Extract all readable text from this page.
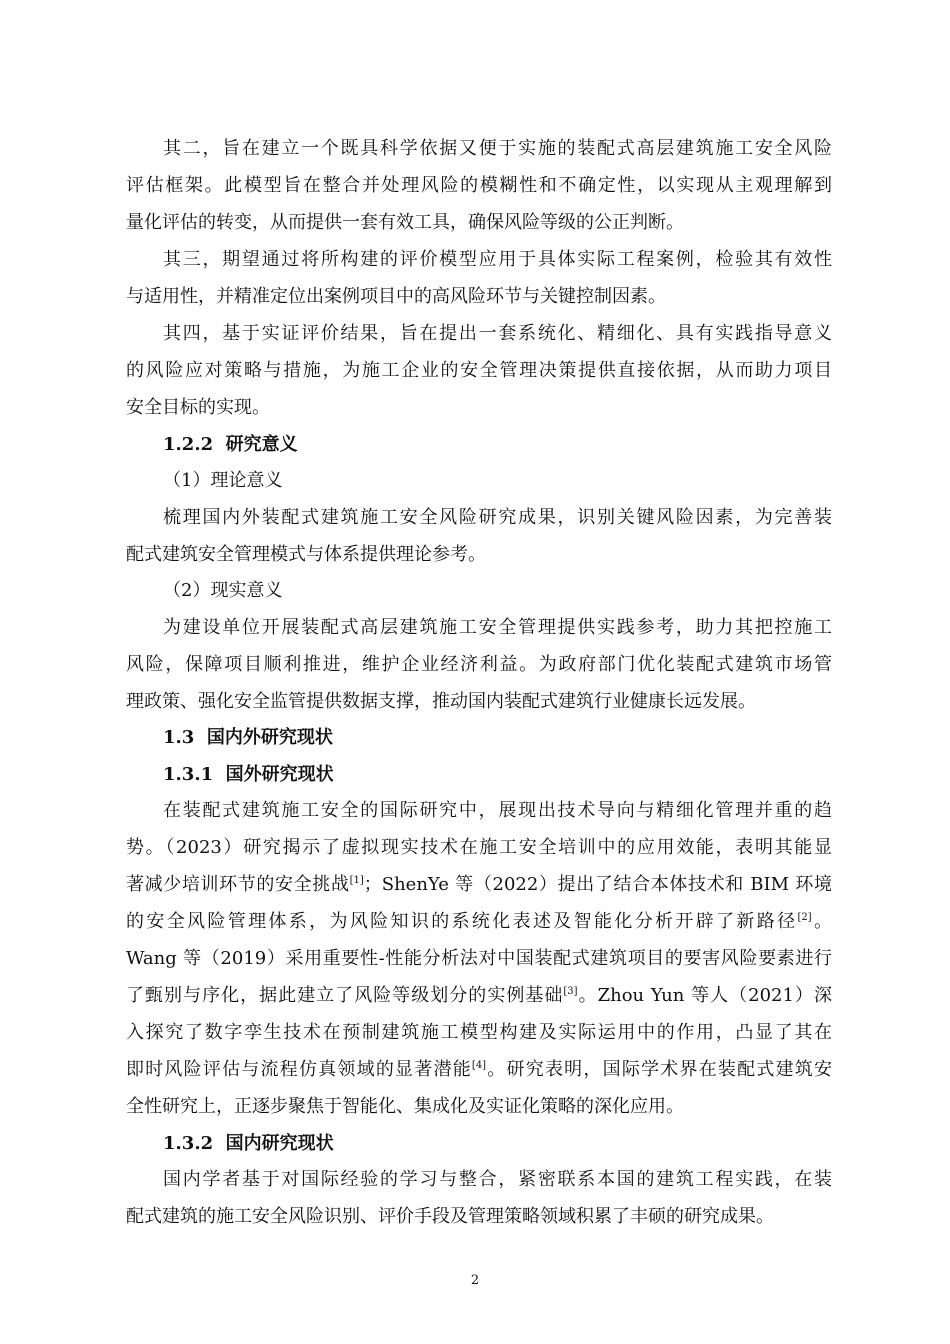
其二，旨在建立一个既具科学依据又便于实施的装配式高层建筑施工安全风险
评估框架。此模型旨在整合并处理风险的模糊性和不确定性，以实现从主观理解到
量化评估的转变，从而提供一套有效工具，确保风险等级的公正判断。
其三，期望通过将所构建的评价模型应用于具体实际工程案例，检验其有效性
与适用性，并精准定位出案例项目中的高风险环节与关键控制因素。
其四，基于实证评价结果，旨在提出一套系统化、精细化、具有实践指导意义
的风险应对策略与措施，为施工企业的安全管理决策提供直接依据，从而助力项目
安全目标的实现。
1.2.2 研究意义
（1）理论意义
梳理国内外装配式建筑施工安全风险研究成果，识别关键风险因素，为完善装
配式建筑安全管理模式与体系提供理论参考。
（2）现实意义
为建设单位开展装配式高层建筑施工安全管理提供实践参考，助力其把控施工
风险，保障项目顺利推进，维护企业经济利益。为政府部门优化装配式建筑市场管
理政策、强化安全监管提供数据支撑，推动国内装配式建筑行业健康长远发展。
1.3 国内外研究现状
1.3.1 国外研究现状
在装配式建筑施工安全的国际研究中，展现出技术导向与精细化管理并重的趋
势。（2023）研究揭示了虚拟现实技术在施工安全培训中的应用效能，表明其能显
著减少培训环节的安全挑战[1]；ShenYe 等（2022）提出了结合本体技术和 BIM 环境
的安全风险管理体系，为风险知识的系统化表述及智能化分析开辟了新路径[2]。
Wang 等（2019）采用重要性-性能分析法对中国装配式建筑项目的要害风险要素进行
了甄别与序化，据此建立了风险等级划分的实例基础[3]。Zhou Yun 等人（2021）深
入探究了数字孪生技术在预制建筑施工模型构建及实际运用中的作用，凸显了其在
即时风险评估与流程仿真领域的显著潜能[4]。研究表明，国际学术界在装配式建筑安
全性研究上，正逐步聚焦于智能化、集成化及实证化策略的深化应用。
1.3.2 国内研究现状
国内学者基于对国际经验的学习与整合，紧密联系本国的建筑工程实践，在装
配式建筑的施工安全风险识别、评价手段及管理策略领域积累了丰硕的研究成果。
2
